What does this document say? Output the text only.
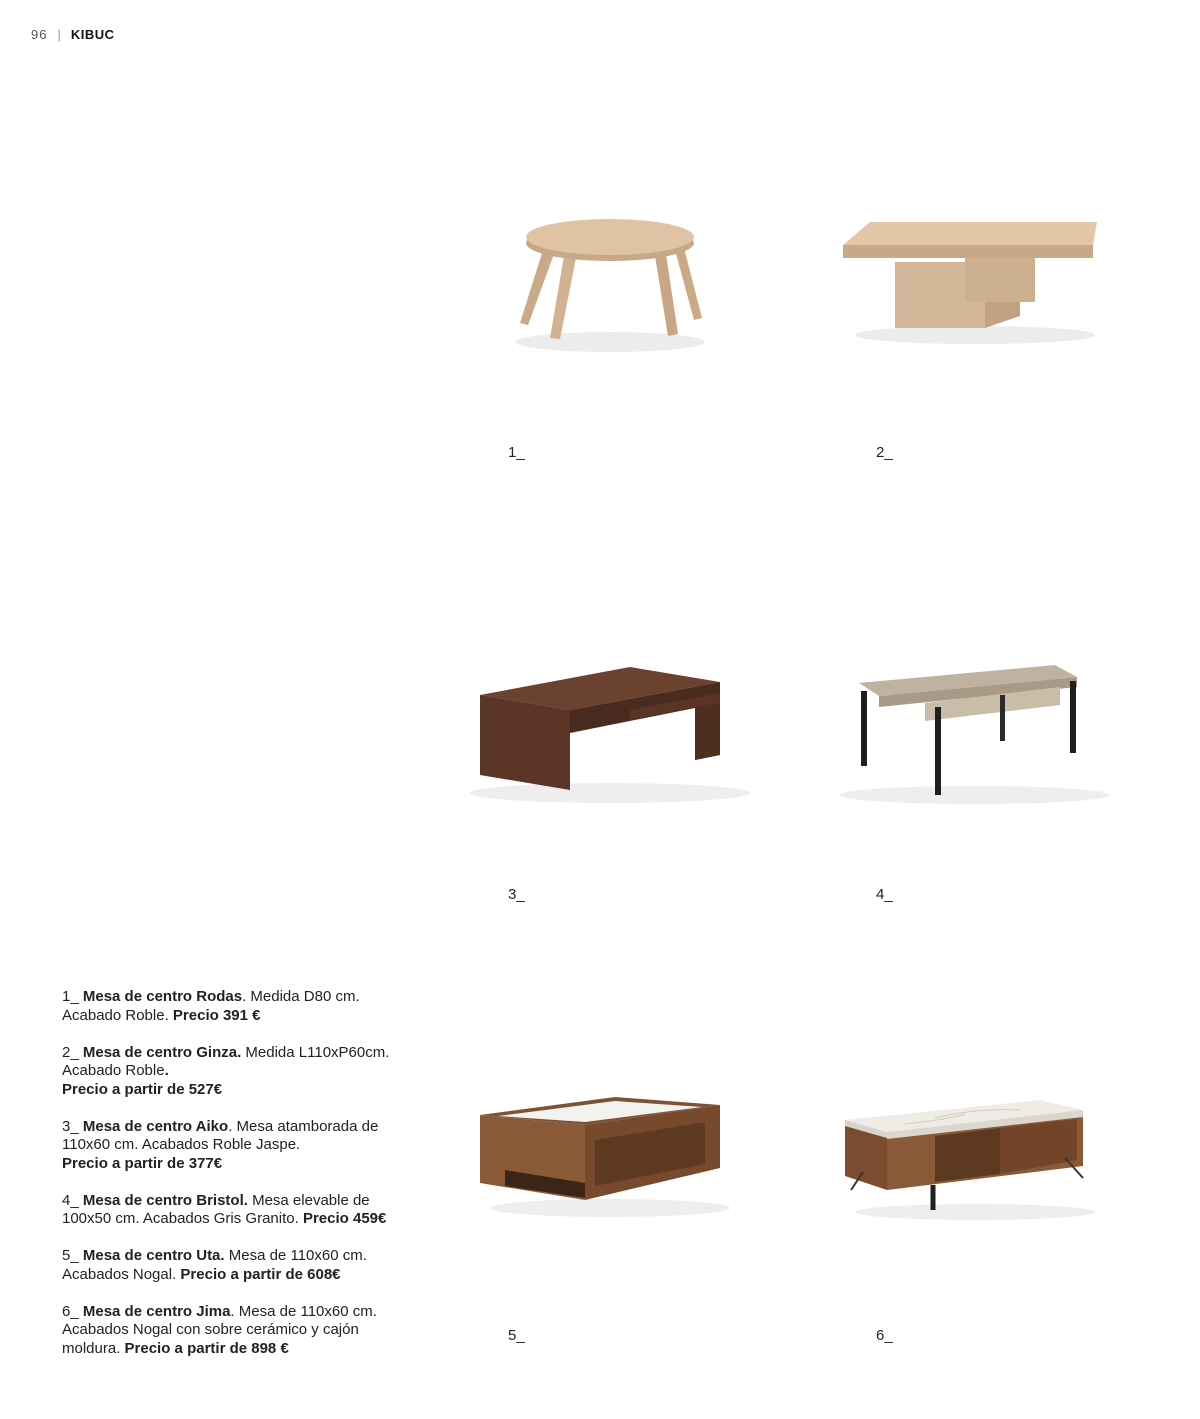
96 | KIBUC
1_	2_
3_	4_
5_	6_

1_ Mesa de centro Rodas. Medida D80 cm. Acabado Roble. Precio 391 €

2_ Mesa de centro Ginza. Medida L110xP60cm. Acabado Roble.
Precio a partir de 527€

3_ Mesa de centro Aiko. Mesa atamborada de 110x60 cm. Acabados Roble Jaspe.
Precio a partir de 377€

4_ Mesa de centro Bristol. Mesa elevable de 100x50 cm. Acabados Gris Granito. Precio 459€

5_ Mesa de centro Uta. Mesa de 110x60 cm. Acabados Nogal. Precio a partir de 608€

6_ Mesa de centro Jima. Mesa de 110x60 cm. Acabados Nogal con sobre cerámico y cajón moldura. Precio a partir de 898 €
